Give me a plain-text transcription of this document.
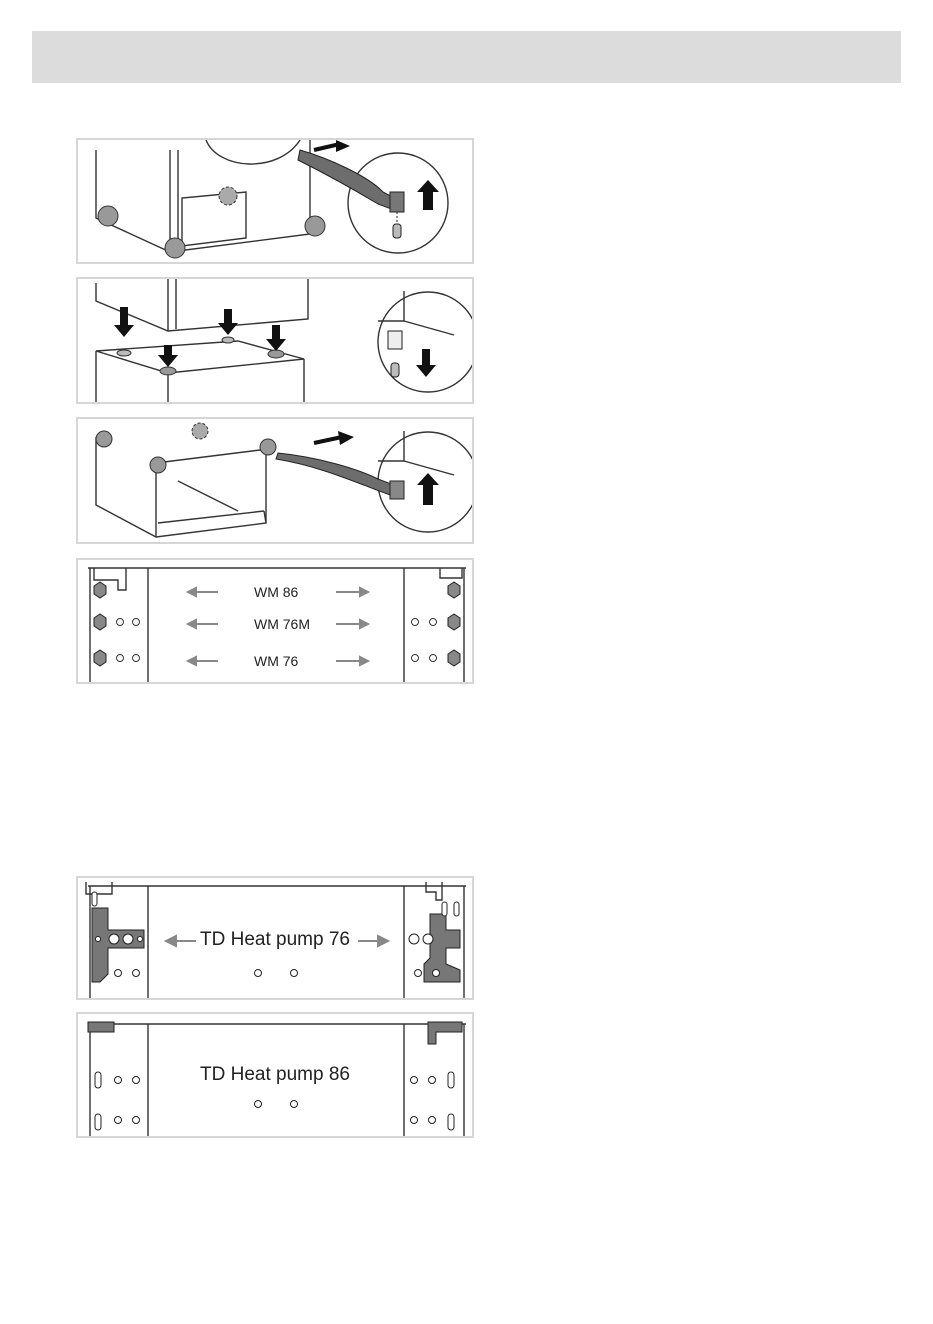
WM 86
WM 76M
WM 76
TD Heat pump 76
TD Heat pump 86
